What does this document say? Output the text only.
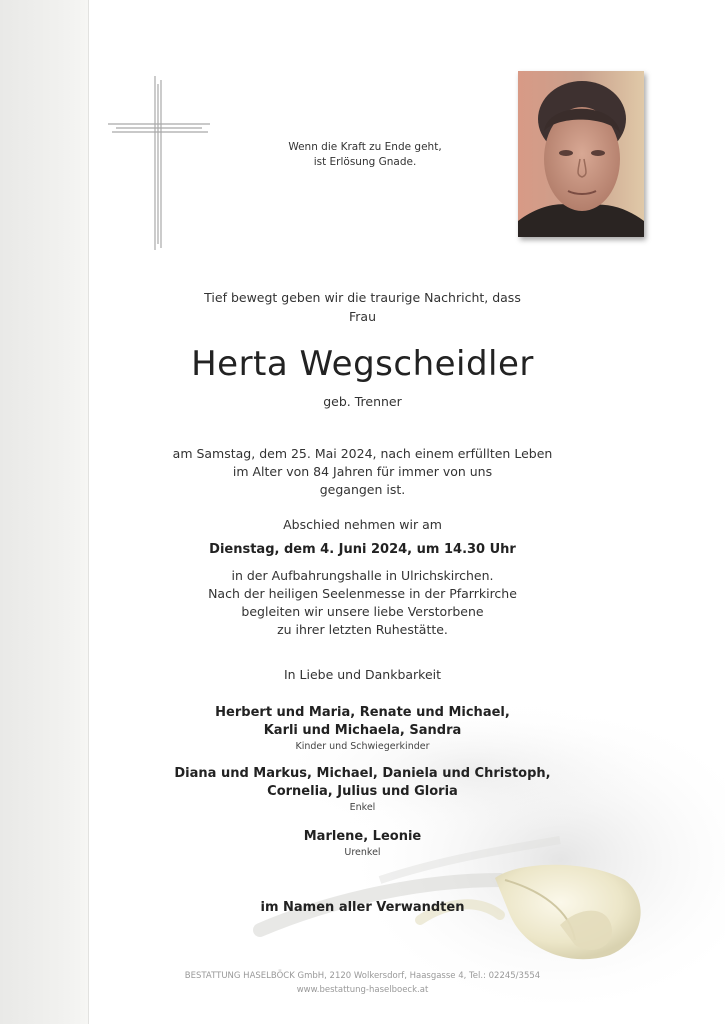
Wenn die Kraft zu Ende geht,
ist Erlösung Gnade.
Tief bewegt geben wir die traurige Nachricht, dass
Frau
Herta Wegscheidler
geb. Trenner
am Samstag, dem 25. Mai 2024, nach einem erfüllten Leben
im Alter von 84 Jahren für immer von uns
gegangen ist.
Abschied nehmen wir am
Dienstag, dem 4. Juni 2024, um 14.30 Uhr
in der Aufbahrungshalle in Ulrichskirchen.
Nach der heiligen Seelenmesse in der Pfarrkirche
begleiten wir unsere liebe Verstorbene
zu ihrer letzten Ruhestätte.
In Liebe und Dankbarkeit
Herbert und Maria, Renate und Michael,
Karli und Michaela, Sandra
Kinder und Schwiegerkinder
Diana und Markus, Michael, Daniela und Christoph,
Cornelia, Julius und Gloria
Enkel
Marlene, Leonie
Urenkel
im Namen aller Verwandten
BESTATTUNG HASELBÖCK GmbH, 2120 Wolkersdorf, Haasgasse 4, Tel.: 02245/3554
www.bestattung-haselboeck.at
